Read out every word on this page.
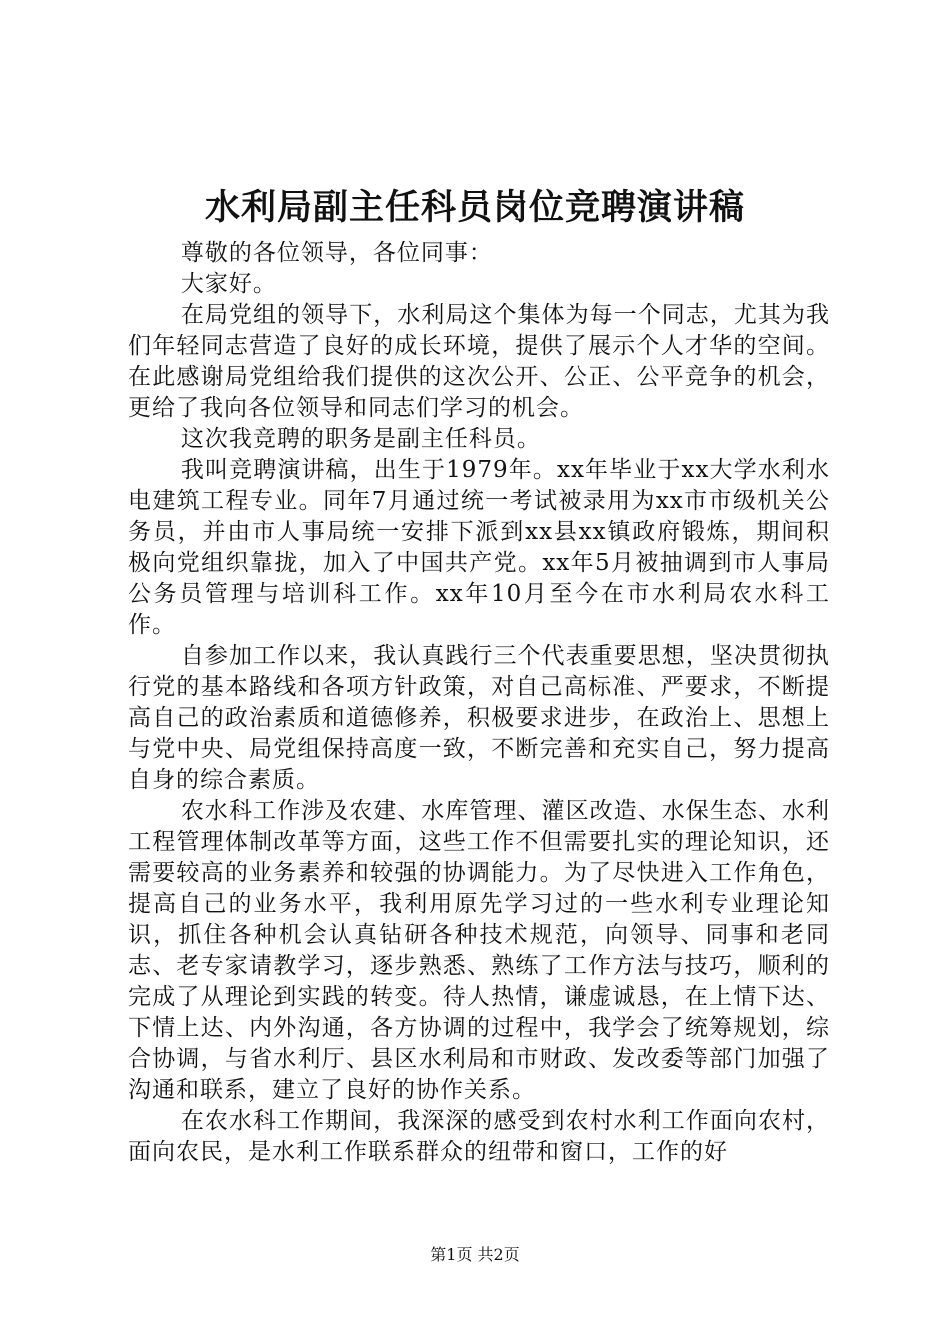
水利局副主任科员岗位竞聘演讲稿

尊敬的各位领导，各位同事：

大家好。

在局党组的领导下，水利局这个集体为每一个同志，尤其为我们年轻同志营造了良好的成长环境，提供了展示个人才华的空间。在此感谢局党组给我们提供的这次公开、公正、公平竞争的机会，更给了我向各位领导和同志们学习的机会。

这次我竞聘的职务是副主任科员。

我叫竞聘演讲稿，出生于1979年。xx年毕业于xx大学水利水电建筑工程专业。同年7月通过统一考试被录用为xx市市级机关公务员，并由市人事局统一安排下派到xx县xx镇政府锻炼，期间积极向党组织靠拢，加入了中国共产党。xx年5月被抽调到市人事局公务员管理与培训科工作。xx年10月至今在市水利局农水科工作。

自参加工作以来，我认真践行三个代表重要思想，坚决贯彻执行党的基本路线和各项方针政策，对自己高标准、严要求，不断提高自己的政治素质和道德修养，积极要求进步，在政治上、思想上与党中央、局党组保持高度一致，不断完善和充实自己，努力提高自身的综合素质。

农水科工作涉及农建、水库管理、灌区改造、水保生态、水利工程管理体制改革等方面，这些工作不但需要扎实的理论知识，还需要较高的业务素养和较强的协调能力。为了尽快进入工作角色，提高自己的业务水平，我利用原先学习过的一些水利专业理论知识，抓住各种机会认真钻研各种技术规范，向领导、同事和老同志、老专家请教学习，逐步熟悉、熟练了工作方法与技巧，顺利的完成了从理论到实践的转变。待人热情，谦虚诚恳，在上情下达、下情上达、内外沟通，各方协调的过程中，我学会了统筹规划，综合协调，与省水利厅、县区水利局和市财政、发改委等部门加强了沟通和联系，建立了良好的协作关系。

在农水科工作期间，我深深的感受到农村水利工作面向农村，面向农民，是水利工作联系群众的纽带和窗口，工作的好

第1页 共2页
